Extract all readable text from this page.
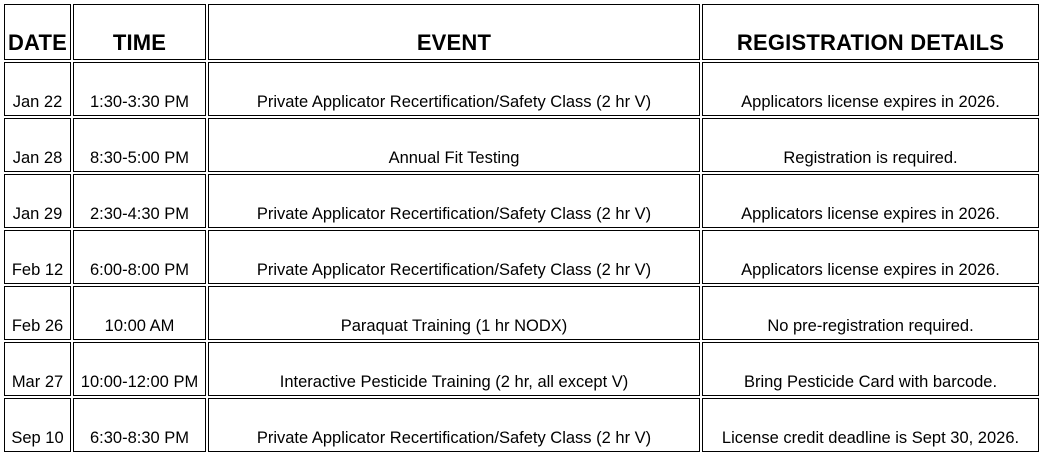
DATE	TIME	EVENT	REGISTRATION DETAILS
Jan 22	1:30-3:30 PM	Private Applicator Recertification/Safety Class (2 hr V)	Applicators license expires in 2026.
Jan 28	8:30-5:00 PM	Annual Fit Testing	Registration is required.
Jan 29	2:30-4:30 PM	Private Applicator Recertification/Safety Class (2 hr V)	Applicators license expires in 2026.
Feb 12	6:00-8:00 PM	Private Applicator Recertification/Safety Class (2 hr V)	Applicators license expires in 2026.
Feb 26	10:00 AM	Paraquat Training (1 hr NODX)	No pre-registration required.
Mar 27	10:00-12:00 PM	Interactive Pesticide Training (2 hr, all except V)	Bring Pesticide Card with barcode.
Sep 10	6:30-8:30 PM	Private Applicator Recertification/Safety Class (2 hr V)	License credit deadline is Sept 30, 2026.
